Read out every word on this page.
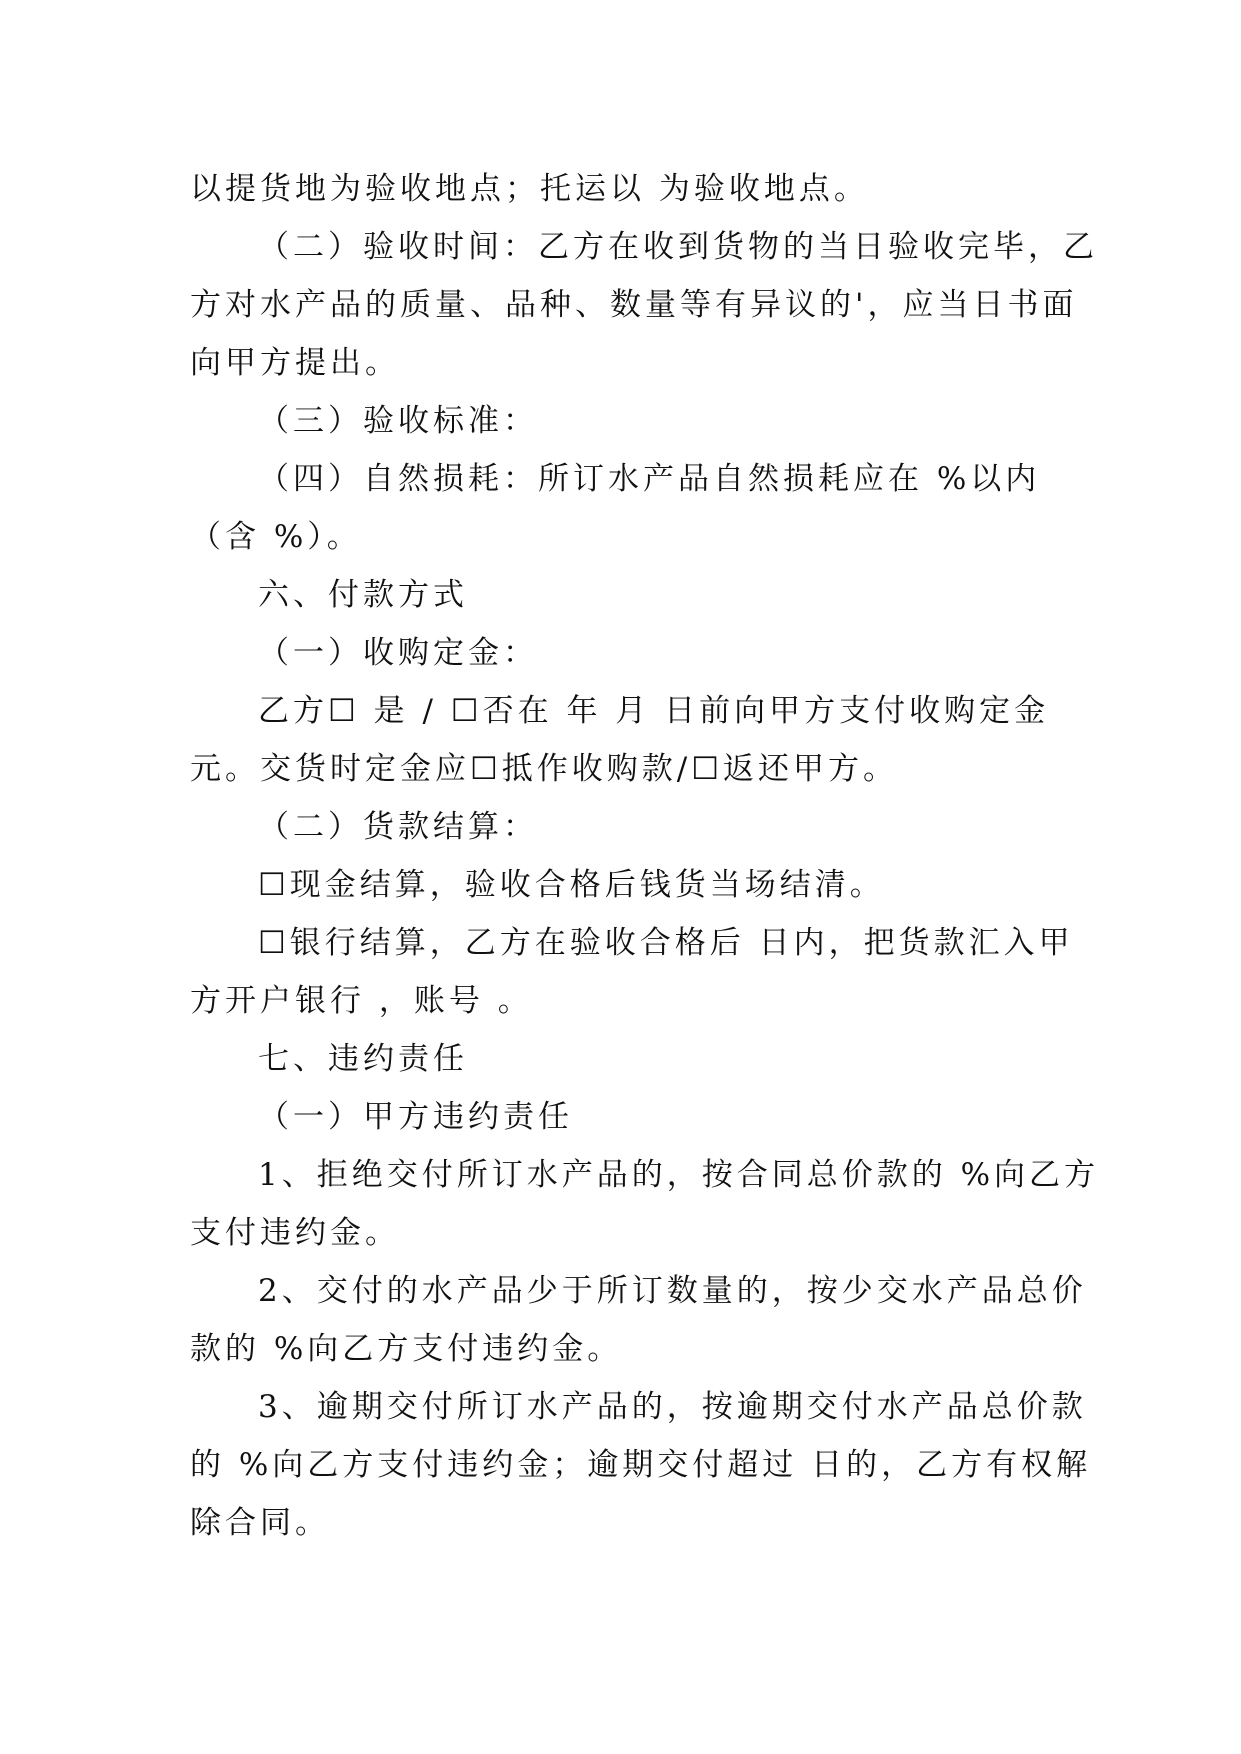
以提货地为验收地点；托运以 为验收地点。

（二）验收时间：乙方在收到货物的当日验收完毕，乙

方对水产品的质量、品种、数量等有异议的'，应当日书面

向甲方提出。

（三）验收标准：

（四）自然损耗：所订水产品自然损耗应在 %以内

（含 %）。

六、付款方式

（一）收购定金：

乙方☐ 是 / ☐否在 年 月 日前向甲方支付收购定金

元。交货时定金应☐抵作收购款/☐返还甲方。

（二）货款结算：

☐现金结算，验收合格后钱货当场结清。

☐银行结算，乙方在验收合格后 日内，把货款汇入甲

方开户银行 ，账号 。

七、违约责任

（一）甲方违约责任

1、拒绝交付所订水产品的，按合同总价款的 %向乙方

支付违约金。

2、交付的水产品少于所订数量的，按少交水产品总价

款的 %向乙方支付违约金。

3、逾期交付所订水产品的，按逾期交付水产品总价款

的 %向乙方支付违约金；逾期交付超过 日的，乙方有权解

除合同。
